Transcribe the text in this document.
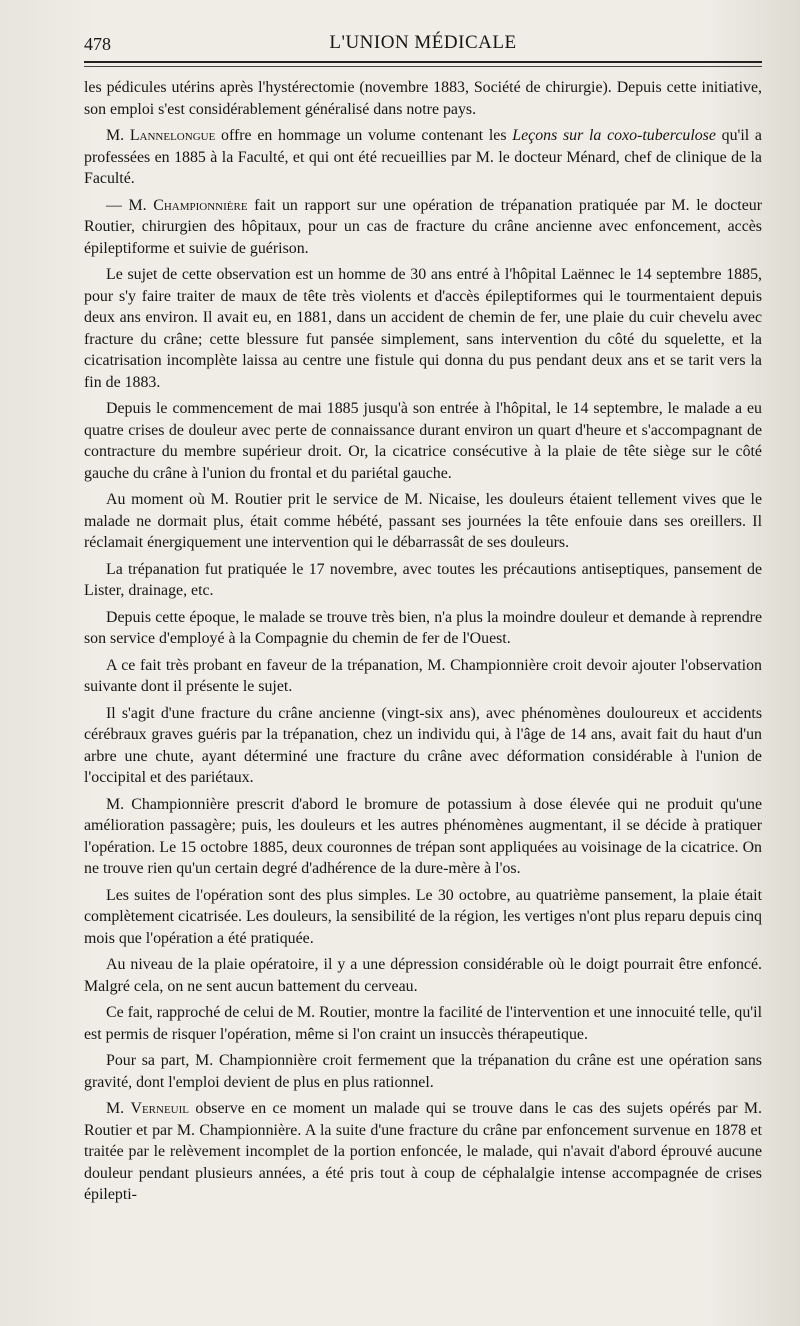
478	L'UNION MÉDICALE

les pédicules utérins après l'hystérectomie (novembre 1883, Société de chirurgie). Depuis cette initiative, son emploi s'est considérablement généralisé dans notre pays.

M. Lannelongue offre en hommage un volume contenant les Leçons sur la coxo-tuberculose qu'il a professées en 1885 à la Faculté, et qui ont été recueillies par M. le docteur Ménard, chef de clinique de la Faculté.

— M. Championnière fait un rapport sur une opération de trépanation pratiquée par M. le docteur Routier, chirurgien des hôpitaux, pour un cas de fracture du crâne ancienne avec enfoncement, accès épileptiforme et suivie de guérison.

Le sujet de cette observation est un homme de 30 ans entré à l'hôpital Laënnec le 14 septembre 1885, pour s'y faire traiter de maux de tête très violents et d'accès épileptiformes qui le tourmentaient depuis deux ans environ. Il avait eu, en 1881, dans un accident de chemin de fer, une plaie du cuir chevelu avec fracture du crâne; cette blessure fut pansée simplement, sans intervention du côté du squelette, et la cicatrisation incomplète laissa au centre une fistule qui donna du pus pendant deux ans et se tarit vers la fin de 1883.

Depuis le commencement de mai 1885 jusqu'à son entrée à l'hôpital, le 14 septembre, le malade a eu quatre crises de douleur avec perte de connaissance durant environ un quart d'heure et s'accompagnant de contracture du membre supérieur droit. Or, la cicatrice consécutive à la plaie de tête siège sur le côté gauche du crâne à l'union du frontal et du pariétal gauche.

Au moment où M. Routier prit le service de M. Nicaise, les douleurs étaient tellement vives que le malade ne dormait plus, était comme hébété, passant ses journées la tête enfouie dans ses oreillers. Il réclamait énergiquement une intervention qui le débarrassât de ses douleurs.

La trépanation fut pratiquée le 17 novembre, avec toutes les précautions antiseptiques, pansement de Lister, drainage, etc.

Depuis cette époque, le malade se trouve très bien, n'a plus la moindre douleur et demande à reprendre son service d'employé à la Compagnie du chemin de fer de l'Ouest.

A ce fait très probant en faveur de la trépanation, M. Championnière croit devoir ajouter l'observation suivante dont il présente le sujet.

Il s'agit d'une fracture du crâne ancienne (vingt-six ans), avec phénomènes douloureux et accidents cérébraux graves guéris par la trépanation, chez un individu qui, à l'âge de 14 ans, avait fait du haut d'un arbre une chute, ayant déterminé une fracture du crâne avec déformation considérable à l'union de l'occipital et des pariétaux.

M. Championnière prescrit d'abord le bromure de potassium à dose élevée qui ne produit qu'une amélioration passagère; puis, les douleurs et les autres phénomènes augmentant, il se décide à pratiquer l'opération. Le 15 octobre 1885, deux couronnes de trépan sont appliquées au voisinage de la cicatrice. On ne trouve rien qu'un certain degré d'adhérence de la dure-mère à l'os.

Les suites de l'opération sont des plus simples. Le 30 octobre, au quatrième pansement, la plaie était complètement cicatrisée. Les douleurs, la sensibilité de la région, les vertiges n'ont plus reparu depuis cinq mois que l'opération a été pratiquée.

Au niveau de la plaie opératoire, il y a une dépression considérable où le doigt pourrait être enfoncé. Malgré cela, on ne sent aucun battement du cerveau.

Ce fait, rapproché de celui de M. Routier, montre la facilité de l'intervention et une innocuité telle, qu'il est permis de risquer l'opération, même si l'on craint un insuccès thérapeutique.

Pour sa part, M. Championnière croit fermement que la trépanation du crâne est une opération sans gravité, dont l'emploi devient de plus en plus rationnel.

M. Verneuil observe en ce moment un malade qui se trouve dans le cas des sujets opérés par M. Routier et par M. Championnière. A la suite d'une fracture du crâne par enfoncement survenue en 1878 et traitée par le relèvement incomplet de la portion enfoncée, le malade, qui n'avait d'abord éprouvé aucune douleur pendant plusieurs années, a été pris tout à coup de céphalalgie intense accompagnée de crises épilepti-
